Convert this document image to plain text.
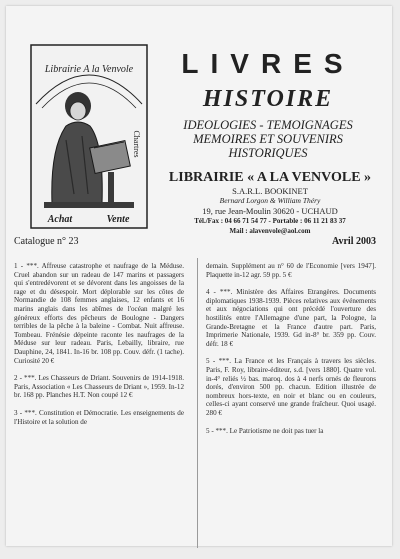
Librairie A la Venvole
Chartres
Achat	Vente
LIVRES
HISTOIRE
IDEOLOGIES - TEMOIGNAGES
MEMOIRES ET SOUVENIRS
HISTORIQUES
LIBRAIRIE « A LA VENVOLE »
S.A.R.L. BOOKINET
Bernard Lorgon & William Théry
19, rue Jean-Moulin 30620 - UCHAUD
Tél./Fax : 04 66 71 54 77 - Portable : 06 11 21 83 37
Mail : alavenvole@aol.com
Catalogue n° 23	Avril 2003

1 - ***. Affreuse catastrophe et naufrage de la Méduse. Cruel abandon sur un radeau de 147 marins et passagers qui s'entredévorent et se dévorent dans les angoisses de la rage et du désespoir. Mort déplorable sur les côtes de Normandie de 108 femmes anglaises, 12 enfants et 16 marins anglais dans les abîmes de l'océan malgré les généreux efforts des pêcheurs de Boulogne - Dangers terribles de la pêche à la baleine - Combat. Nuit affreuse. Tombeau. Frénésie dépeinte raconte les naufrages de la Méduse sur leur radeau. Paris, Lebailly, libraire, rue Dauphine, 24, 1841. In-16 br. 108 pp. Couv. défr. (1 tache). Curiosité 20 €

2 - ***. Les Chasseurs de Driant. Souvenirs de 1914-1918. Paris, Association « Les Chasseurs de Driant », 1959. In-12 br. 168 pp. Planches H.T. Non coupé 12 €

3 - ***. Constitution et Démocratie. Les enseignements de l'Histoire et la solution de

demain. Supplément au n° 60 de l'Economie [vers 1947]. Plaquette in-12 agr. 59 pp. 5 €

4 - ***. Ministère des Affaires Etrangères. Documents diplomatiques 1938-1939. Pièces relatives aux événements et aux négociations qui ont précédé l'ouverture des hostilités entre l'Allemagne d'une part, la Pologne, la Grande-Bretagne et la France d'autre part. Paris, Imprimerie Nationale, 1939. Gd in-8° br. 359 pp. Couv. défr. 18 €

5 - ***. La France et les Français à travers les siècles. Paris, F. Roy, libraire-éditeur, s.d. [vers 1880]. Quatre vol. in-4° reliés ½ bas. maroq. dos à 4 nerfs ornés de fleurons dorés, d'environ 500 pp. chacun. Edition illustrée de nombreux hors-texte, en noir et blanc ou en couleurs, celles-ci ayant conservé une grande fraîcheur. Quoi usagé. 280 €

5 - ***. Le Patriotisme ne doit pas tuer la
